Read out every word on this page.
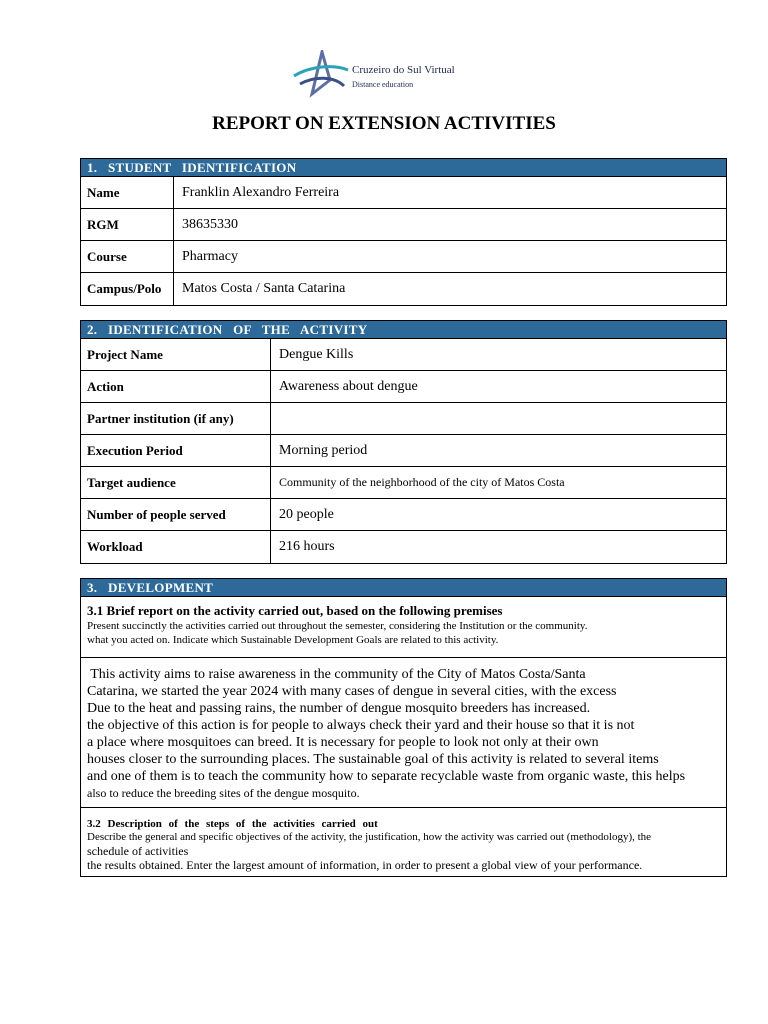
Cruzeiro do Sul Virtual
Distance education
REPORT ON EXTENSION ACTIVITIES
1.   STUDENT   IDENTIFICATION
Name	Franklin Alexandro Ferreira
RGM	38635330
Course	Pharmacy
Campus/Polo	Matos Costa / Santa Catarina
2.   IDENTIFICATION   OF   THE   ACTIVITY
Project Name	Dengue Kills
Action	Awareness about dengue
Partner institution (if any)
Execution Period	Morning period
Target audience	Community of the neighborhood of the city of Matos Costa
Number of people served	20 people
Workload	216 hours
3.   DEVELOPMENT
3.1 Brief report on the activity carried out, based on the following premises
Present succinctly the activities carried out throughout the semester, considering the Institution or the community.
what you acted on. Indicate which Sustainable Development Goals are related to this activity.
This activity aims to raise awareness in the community of the City of Matos Costa/Santa
Catarina, we started the year 2024 with many cases of dengue in several cities, with the excess
Due to the heat and passing rains, the number of dengue mosquito breeders has increased.
the objective of this action is for people to always check their yard and their house so that it is not
a place where mosquitoes can breed. It is necessary for people to look not only at their own
houses closer to the surrounding places. The sustainable goal of this activity is related to several items
and one of them is to teach the community how to separate recyclable waste from organic waste, this helps
also to reduce the breeding sites of the dengue mosquito.
3.2 Description of the steps of the activities carried out
Describe the general and specific objectives of the activity, the justification, how the activity was carried out (methodology), the
schedule of activities
the results obtained. Enter the largest amount of information, in order to present a global view of your performance.
